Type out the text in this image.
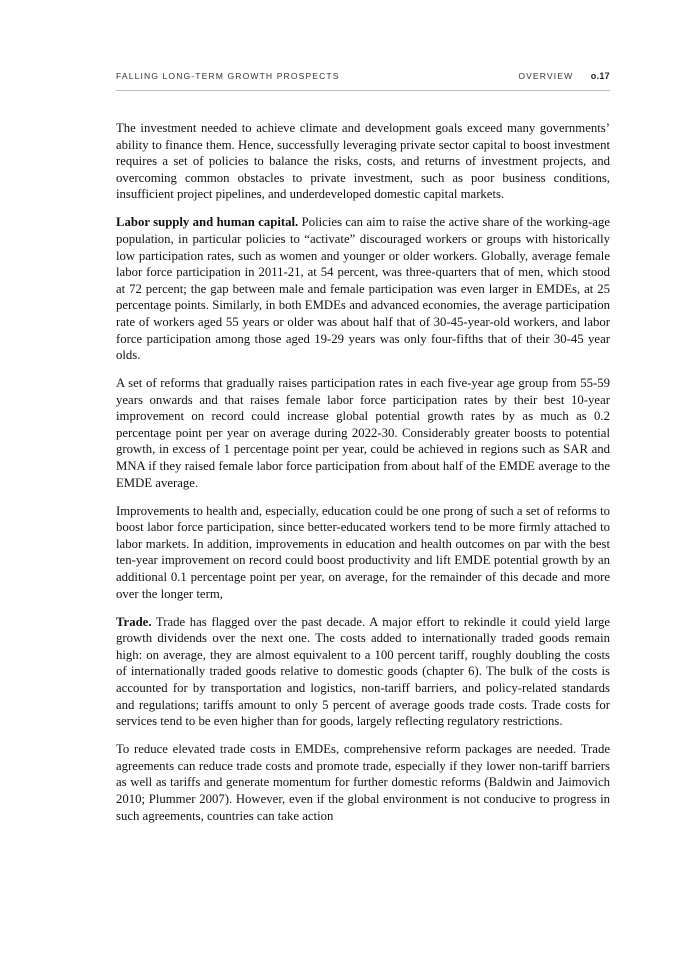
FALLING LONG-TERM GROWTH PROSPECTS	OVERVIEW o.17

The investment needed to achieve climate and development goals exceed many governments’ ability to finance them. Hence, successfully leveraging private sector capital to boost investment requires a set of policies to balance the risks, costs, and returns of investment projects, and overcoming common obstacles to private investment, such as poor business conditions, insufficient project pipelines, and underdeveloped domestic capital markets.

Labor supply and human capital. Policies can aim to raise the active share of the working-age population, in particular policies to “activate” discouraged workers or groups with historically low participation rates, such as women and younger or older workers. Globally, average female labor force participation in 2011-21, at 54 percent, was three-quarters that of men, which stood at 72 percent; the gap between male and female participation was even larger in EMDEs, at 25 percentage points. Similarly, in both EMDEs and advanced economies, the average participation rate of workers aged 55 years or older was about half that of 30-45-year-old workers, and labor force participation among those aged 19-29 years was only four-fifths that of their 30-45 year olds.

A set of reforms that gradually raises participation rates in each five-year age group from 55-59 years onwards and that raises female labor force participation rates by their best 10-year improvement on record could increase global potential growth rates by as much as 0.2 percentage point per year on average during 2022-30. Considerably greater boosts to potential growth, in excess of 1 percentage point per year, could be achieved in regions such as SAR and MNA if they raised female labor force participation from about half of the EMDE average to the EMDE average.

Improvements to health and, especially, education could be one prong of such a set of reforms to boost labor force participation, since better-educated workers tend to be more firmly attached to labor markets. In addition, improvements in education and health outcomes on par with the best ten-year improvement on record could boost productivity and lift EMDE potential growth by an additional 0.1 percentage point per year, on average, for the remainder of this decade and more over the longer term,

Trade. Trade has flagged over the past decade. A major effort to rekindle it could yield large growth dividends over the next one. The costs added to internationally traded goods remain high: on average, they are almost equivalent to a 100 percent tariff, roughly doubling the costs of internationally traded goods relative to domestic goods (chapter 6). The bulk of the costs is accounted for by transportation and logistics, non-tariff barriers, and policy-related standards and regulations; tariffs amount to only 5 percent of average goods trade costs. Trade costs for services tend to be even higher than for goods, largely reflecting regulatory restrictions.

To reduce elevated trade costs in EMDEs, comprehensive reform packages are needed. Trade agreements can reduce trade costs and promote trade, especially if they lower non-tariff barriers as well as tariffs and generate momentum for further domestic reforms (Baldwin and Jaimovich 2010; Plummer 2007). However, even if the global environment is not conducive to progress in such agreements, countries can take action
